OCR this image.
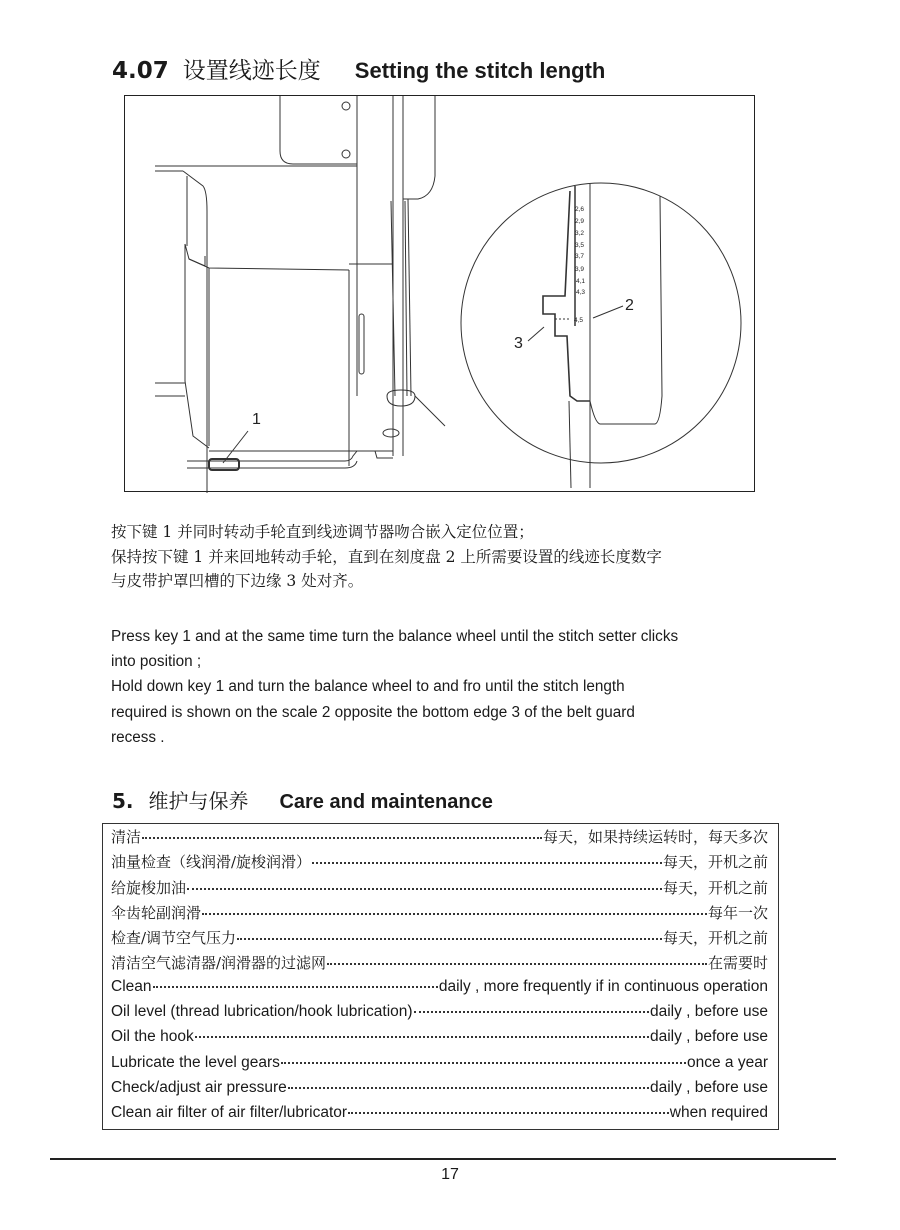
4.07 设置线迹长度 Setting the stitch length
1
2
3
2,6
2,9
3,2
3,5
3,7
3,9
4,1
4,3
4,5
按下键 1 并同时转动手轮直到线迹调节器吻合嵌入定位位置；
保持按下键 1 并来回地转动手轮，直到在刻度盘 2 上所需要设置的线迹长度数字
与皮带护罩凹槽的下边缘 3 处对齐。
Press key 1 and at the same time turn the balance wheel until the stitch setter clicks
into position ;
Hold down key 1 and turn the balance wheel to and fro until the stitch length
required is shown on the scale 2 opposite the bottom edge 3 of the belt guard
recess .
5. 维护与保养 Care and maintenance
清洁	每天，如果持续运转时，每天多次
油量检查（线润滑/旋梭润滑）	每天，开机之前
给旋梭加油	每天，开机之前
伞齿轮副润滑	每年一次
检查/调节空气压力	每天，开机之前
清洁空气滤清器/润滑器的过滤网	在需要时
Clean	daily , more frequently if in continuous operation
Oil level (thread lubrication/hook lubrication)	daily , before use
Oil the hook	daily , before use
Lubricate the level gears	once a year
Check/adjust air pressure	daily , before use
Clean air filter of air filter/lubricator	when required
17
